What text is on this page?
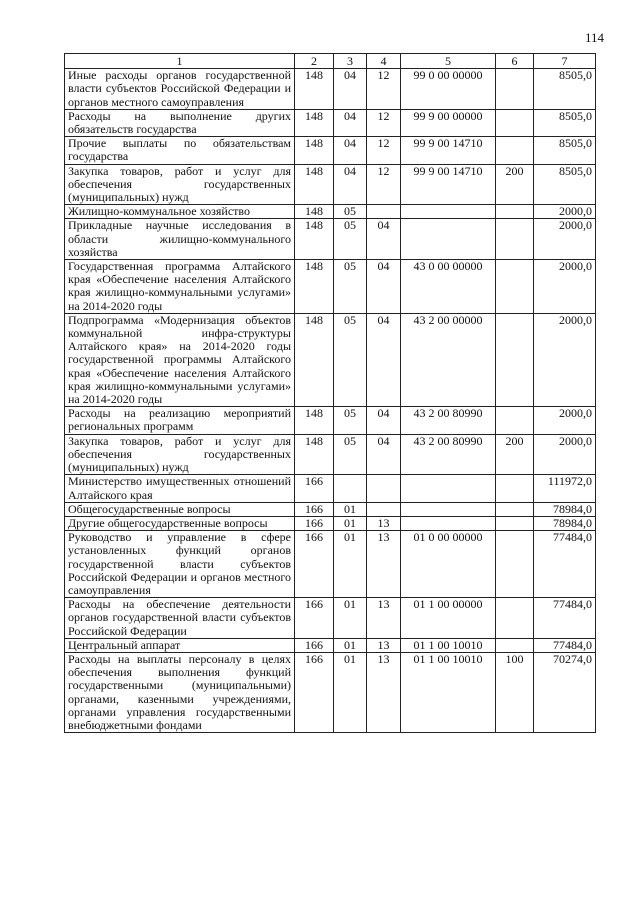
114
1	2	3	4	5	6	7
Иные расходы органов государственной власти субъектов Российской Федерации и органов местного самоуправления	148	04	12	99 0 00 00000		8505,0
Расходы на выполнение других обязательств государства	148	04	12	99 9 00 00000		8505,0
Прочие выплаты по обязательствам государства	148	04	12	99 9 00 14710		8505,0
Закупка товаров, работ и услуг для обеспечения государственных (муниципальных) нужд	148	04	12	99 9 00 14710	200	8505,0
Жилищно-коммунальное хозяйство	148	05				2000,0
Прикладные научные исследования в области жилищно-коммунального хозяйства	148	05	04			2000,0
Государственная программа Алтайского края «Обеспечение населения Алтайского края жилищно-коммунальными услугами» на 2014-2020 годы	148	05	04	43 0 00 00000		2000,0
Подпрограмма «Модернизация объектов коммунальной инфра-структуры Алтайского края» на 2014-2020 годы государственной программы Алтайского края «Обеспечение населения Алтайского края жилищно-коммунальными услугами» на 2014-2020 годы	148	05	04	43 2 00 00000		2000,0
Расходы на реализацию мероприятий региональных программ	148	05	04	43 2 00 80990		2000,0
Закупка товаров, работ и услуг для обеспечения государственных (муниципальных) нужд	148	05	04	43 2 00 80990	200	2000,0
Министерство имущественных отношений Алтайского края	166					111972,0
Общегосударственные вопросы	166	01				78984,0
Другие общегосударственные вопросы	166	01	13			78984,0
Руководство и управление в сфере установленных функций органов государственной власти субъектов Российской Федерации и органов местного самоуправления	166	01	13	01 0 00 00000		77484,0
Расходы на обеспечение деятельности органов государственной власти субъектов Российской Федерации	166	01	13	01 1 00 00000		77484,0
Центральный аппарат	166	01	13	01 1 00 10010		77484,0
Расходы на выплаты персоналу в целях обеспечения выполнения функций государственными (муниципальными) органами, казенными учреждениями, органами управления государственными внебюджетными фондами	166	01	13	01 1 00 10010	100	70274,0
